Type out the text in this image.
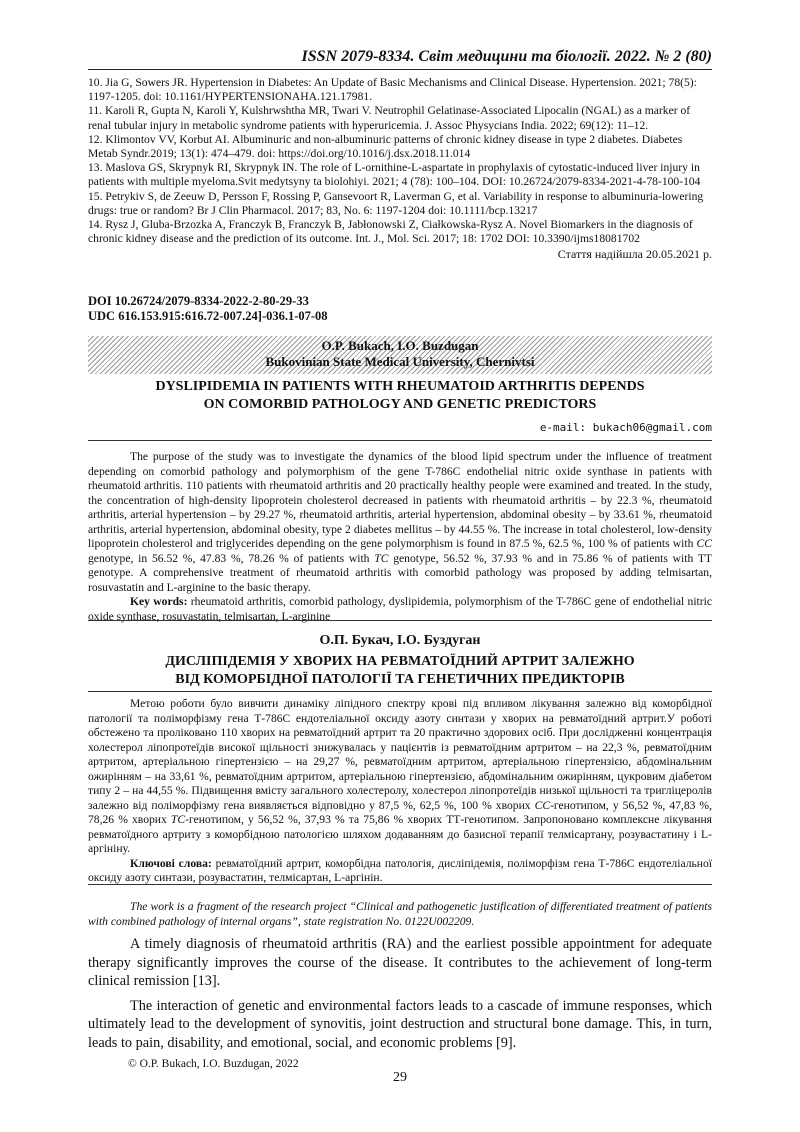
ISSN 2079-8334. Світ медицини та біології. 2022. № 2 (80)
10. Jia G, Sowers JR. Hypertension in Diabetes: An Update of Basic Mechanisms and Clinical Disease. Hypertension. 2021; 78(5): 1197-1205. doi: 10.1161/HYPERTENSIONAHA.121.17981.
11. Karoli R, Gupta N, Karoli Y, Kulshrwshtha MR, Twari V. Neutrophil Gelatinase-Associated Lipocalin (NGAL) as a marker of renal tubular injury in metabolic syndrome patients with hyperuricemia. J. Assoc Physycians India. 2022; 69(12): 11–12.
12. Klimontov VV, Korbut AI. Albuminuric and non-albuminuric patterns of chronic kidney disease in type 2 diabetes. Diabetes Metab Syndr.2019; 13(1): 474–479. doi: https://doi.org/10.1016/j.dsx.2018.11.014
13. Maslova GS, Skrypnyk RI, Skrypnyk IN. The role of L-ornithine-L-aspartate in prophylaxis of cytostatic-induced liver injury in patients with multiple myeloma.Svit medytsyny ta biolohiyi. 2021; 4 (78): 100–104. DOI: 10.26724/2079-8334-2021-4-78-100-104
15. Petrykiv S, de Zeeuw D, Persson F, Rossing P, Gansevoort R, Laverman G, et al. Variability in response to albuminuria-lowering drugs: true or random? Br J Clin Pharmacol. 2017; 83, No. 6: 1197-1204 doi: 10.1111/bcp.13217
14. Rysz J, Gluba-Brzozka A, Franczyk B, Franczyk B, Jabłonowski Z, Ciałkowska-Rysz A. Novel Biomarkers in the diagnosis of chronic kidney disease and the prediction of its outcome. Int. J., Mol. Sci. 2017; 18: 1702 DOI: 10.3390/ijms18081702
Стаття надійшла 20.05.2021 р.
DOI 10.26724/2079-8334-2022-2-80-29-33
UDC 616.153.915:616.72-007.24]-036.1-07-08
O.P. Bukach, I.O. Buzdugan
Bukovinian State Medical University, Chernivtsi
DYSLIPIDEMIA IN PATIENTS WITH RHEUMATOID ARTHRITIS DEPENDS
ON COMORBID PATHOLOGY AND GENETIC PREDICTORS
e-mail: bukach06@gmail.com

The purpose of the study was to investigate the dynamics of the blood lipid spectrum under the influence of treatment depending on comorbid pathology and polymorphism of the gene T-786C endothelial nitric oxide synthase in patients with rheumatoid arthritis. 110 patients with rheumatoid arthritis and 20 practically healthy people were examined and treated. In the study, the concentration of high-density lipoprotein cholesterol decreased in patients with rheumatoid arthritis – by 22.3 %, rheumatoid arthritis, arterial hypertension – by 29.27 %, rheumatoid arthritis, arterial hypertension, abdominal obesity – by 33.61 %, rheumatoid arthritis, arterial hypertension, abdominal obesity, type 2 diabetes mellitus – by 44.55 %. The increase in total cholesterol, low-density lipoprotein cholesterol and triglycerides depending on the gene polymorphism is found in 87.5 %, 62.5 %, 100 % of patients with CC genotype, in 56.52 %, 47.83 %, 78.26 % of patients with TC genotype, 56.52 %, 37.93 % and in 75.86 % of patients with TT genotype. A comprehensive treatment of rheumatoid arthritis with comorbid pathology was proposed by adding telmisartan, rosuvastatin and L-arginine to the basic therapy.

Key words: rheumatoid arthritis, comorbid pathology, dyslipidemia, polymorphism of the T-786C gene of endothelial nitric oxide synthase, rosuvastatin, telmisartan, L-arginine

О.П. Букач, І.О. Буздуган
ДИСЛІПІДЕМІЯ У ХВОРИХ НА РЕВМАТОЇДНИЙ АРТРИТ ЗАЛЕЖНО
ВІД КОМОРБІДНОЇ ПАТОЛОГІЇ ТА ГЕНЕТИЧНИХ ПРЕДИКТОРІВ

Метою роботи було вивчити динаміку ліпідного спектру крові під впливом лікування залежно від коморбідної патології та поліморфізму гена Т-786С ендотеліальної оксиду азоту синтази у хворих на ревматоїдний артрит.У роботі обстежено та проліковано 110 хворих на ревматоїдний артрит та 20 практично здорових осіб. При дослідженні концентрація холестерол ліпопротеїдів високої щільності знижувалась у пацієнтів із ревматоїдним артритом – на 22,3 %, ревматоїдним артритом, артеріальною гіпертензією – на 29,27 %, ревматоїдним артритом, артеріальною гіпертензією, абдомінальним ожирінням – на 33,61 %, ревматоїдним артритом, артеріальною гіпертензією, абдомінальним ожирінням, цукровим діабетом типу 2 – на 44,55 %. Підвищення вмісту загального холестеролу, холестерол ліпопротеїдів низької щільності та тригліцеролів залежно від поліморфізму гена виявляється відповідно у 87,5 %, 62,5 %, 100 % хворих СС-генотипом, у 56,52 %, 47,83 %, 78,26 % хворих ТС-генотипом, у 56,52 %, 37,93 % та 75,86 % хворих ТТ-генотипом. Запропоновано комплексне лікування ревматоїдного артриту з коморбідною патологією шляхом додаванням до базисної терапії телмісартану, розувастатину і L-аргініну.

Ключові слова: ревматоїдний артрит, коморбідна патологія, дисліпідемія, поліморфізм гена Т-786С ендотеліальної оксиду азоту синтази, розувастатин, телмісартан, L-аргінін.

The work is a fragment of the research project “Clinical and pathogenetic justification of differentiated treatment of patients with combined pathology of internal organs”, state registration No. 0122U002209.

A timely diagnosis of rheumatoid arthritis (RA) and the earliest possible appointment for adequate therapy significantly improves the course of the disease. It contributes to the achievement of long-term clinical remission [13].

The interaction of genetic and environmental factors leads to a cascade of immune responses, which ultimately lead to the development of synovitis, joint destruction and structural bone damage. This, in turn, leads to pain, disability, and emotional, social, and economic problems [9].

© O.P. Bukach, I.O. Buzdugan, 2022
29
